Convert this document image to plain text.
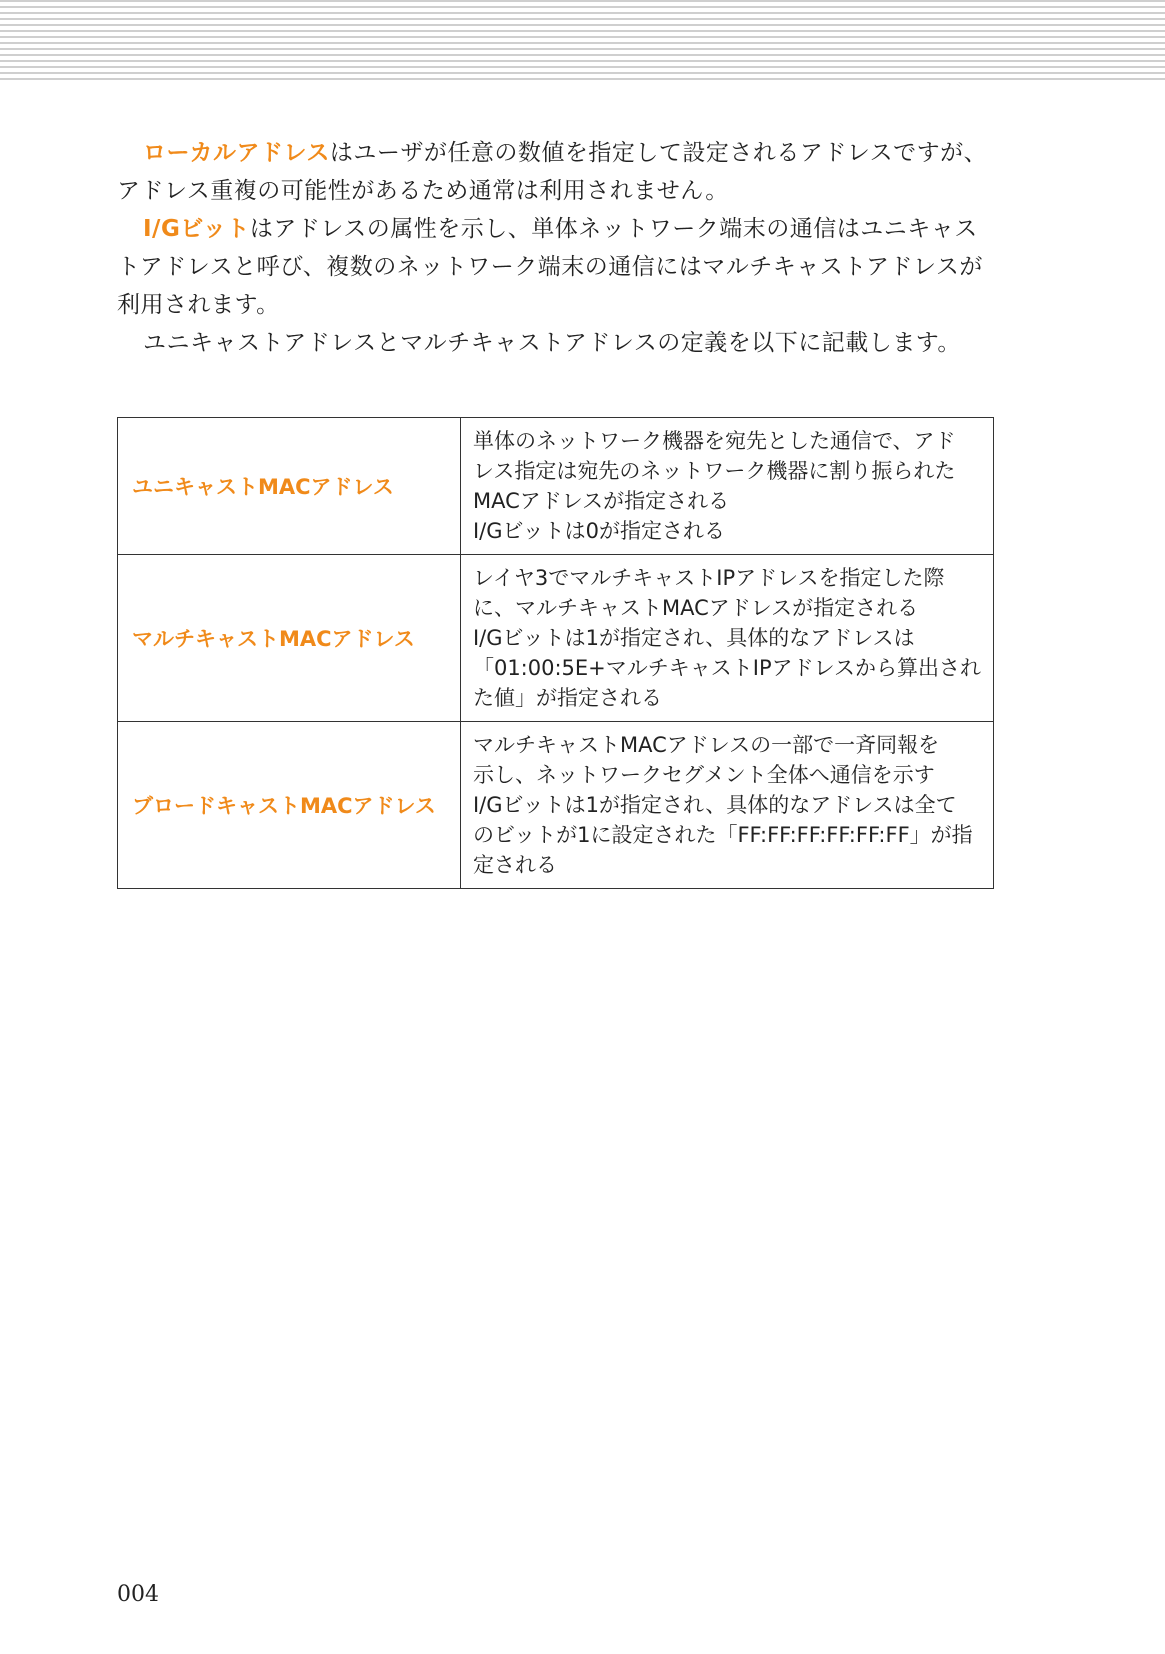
ローカルアドレスはユーザが任意の数値を指定して設定されるアドレスですが、
アドレス重複の可能性があるため通常は利用されません。

I/Gビットはアドレスの属性を示し、単体ネットワーク端末の通信はユニキャス
トアドレスと呼び、複数のネットワーク端末の通信にはマルチキャストアドレスが
利用されます。

ユニキャストアドレスとマルチキャストアドレスの定義を以下に記載します。

ユニキャストMACアドレス	単体のネットワーク機器を宛先とした通信で、アド
レス指定は宛先のネットワーク機器に割り振られた
MACアドレスが指定される
I/Gビットは0が指定される

マルチキャストMACアドレス	レイヤ3でマルチキャストIPアドレスを指定した際
に、マルチキャストMACアドレスが指定される
I/Gビットは1が指定され、具体的なアドレスは
「01:00:5E+マルチキャストIPアドレスから算出され
た値」が指定される

ブロードキャストMACアドレス	マルチキャストMACアドレスの一部で一斉同報を
示し、ネットワークセグメント全体へ通信を示す
I/Gビットは1が指定され、具体的なアドレスは全て
のビットが1に設定された「FF:FF:FF:FF:FF:FF」が指
定される
004
